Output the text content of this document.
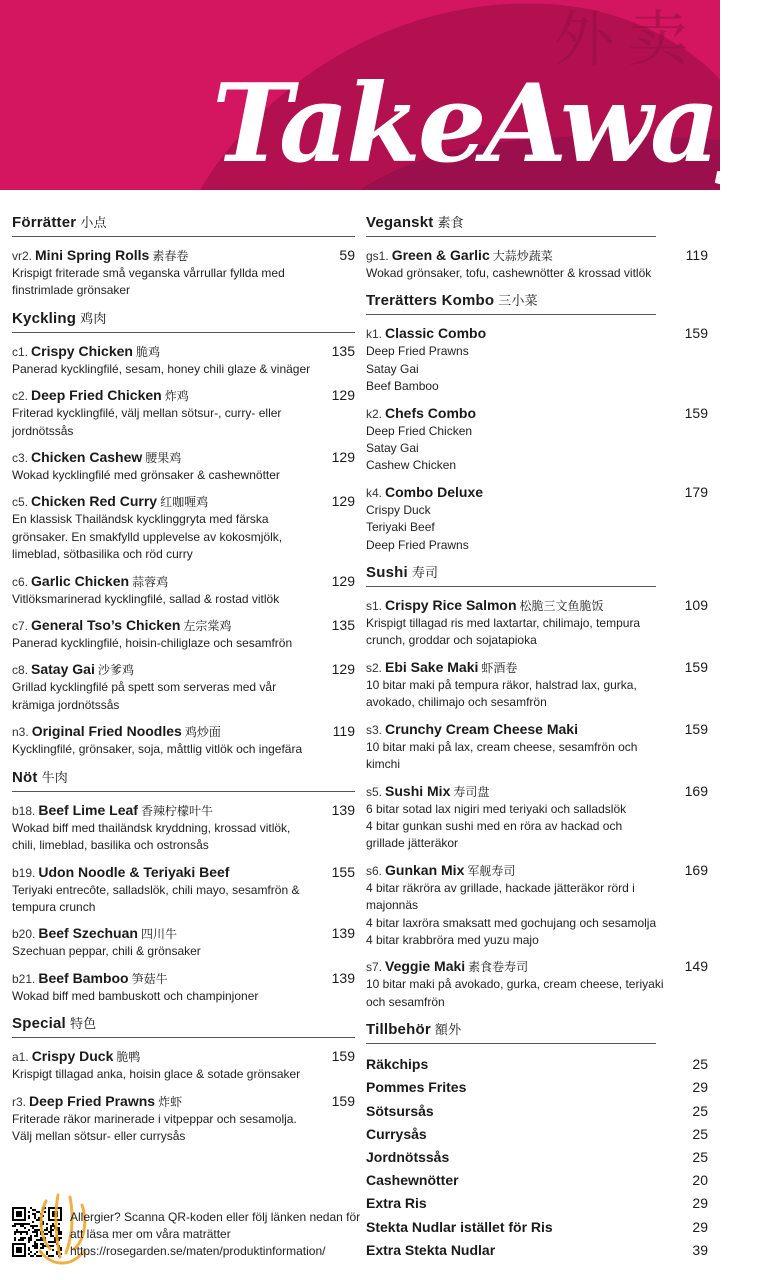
外卖
TakeAway
Förrätter 小点
vr2. Mini Spring Rolls 素春卷	59
Krispigt friterade små veganska vårrullar fyllda med finstrimlade grönsaker
Kyckling 鸡肉
c1. Crispy Chicken 脆鸡	135
Panerad kycklingfilé, sesam, honey chili glaze & vinäger
c2. Deep Fried Chicken 炸鸡	129
Friterad kycklingfilé, välj mellan sötsur-, curry- eller jordnötssås
c3. Chicken Cashew 腰果鸡	129
Wokad kycklingfilé med grönsaker & cashewnötter
c5. Chicken Red Curry 红咖喱鸡	129
En klassisk Thailändsk kycklinggryta med färska grönsaker. En smakfylld upplevelse av kokosmjölk, limeblad, sötbasilika och röd curry
c6. Garlic Chicken 蒜蓉鸡	129
Vitlöksmarinerad kycklingfilé, sallad & rostad vitlök
c7. General Tso’s Chicken 左宗棠鸡	135
Panerad kycklingfilé, hoisin-chiliglaze och sesamfrön
c8. Satay Gai 沙爹鸡	129
Grillad kycklingfilé på spett som serveras med vår krämiga jordnötssås
n3. Original Fried Noodles 鸡炒面	119
Kycklingfilé, grönsaker, soja, måttlig vitlök och ingefära
Nöt 牛肉
b18. Beef Lime Leaf 香辣柠檬叶牛	139
Wokad biff med thailändsk kryddning, krossad vitlök, chili, limeblad, basilika och ostronsås
b19. Udon Noodle & Teriyaki Beef	155
Teriyaki entrecôte, salladslök, chili mayo, sesamfrön & tempura crunch
b20. Beef Szechuan 四川牛	139
Szechuan peppar, chili & grönsaker
b21. Beef Bamboo 笋菇牛	139
Wokad biff med bambuskott och champinjoner
Special 特色
a1. Crispy Duck 脆鸭	159
Krispigt tillagad anka, hoisin glace & sotade grönsaker
r3. Deep Fried Prawns 炸虾	159
Friterade räkor marinerade i vitpeppar och sesamolja. Välj mellan sötsur- eller currysås
Veganskt 素食
gs1. Green & Garlic 大蒜炒蔬菜	119
Wokad grönsaker, tofu, cashewnötter & krossad vitlök
Trerätters Kombo 三小菜
k1. Classic Combo	159
Deep Fried Prawns
Satay Gai
Beef Bamboo
k2. Chefs Combo	159
Deep Fried Chicken
Satay Gai
Cashew Chicken
k4. Combo Deluxe	179
Crispy Duck
Teriyaki Beef
Deep Fried Prawns
Sushi 寿司
s1. Crispy Rice Salmon 松脆三文鱼脆饭	109
Krispigt tillagad ris med laxtartar, chilimajo, tempura crunch, groddar och sojatapioka
s2. Ebi Sake Maki 虾酒卷	159
10 bitar maki på tempura räkor, halstrad lax, gurka, avokado, chilimajo och sesamfrön
s3. Crunchy Cream Cheese Maki	159
10 bitar maki på lax, cream cheese, sesamfrön och kimchi
s5. Sushi Mix 寿司盘	169
6 bitar sotad lax nigiri med teriyaki och salladslök
4 bitar gunkan sushi med en röra av hackad och grillade jätteräkor
s6. Gunkan Mix 军舰寿司	169
4 bitar räkröra av grillade, hackade jätteräkor rörd i majonnäs
4 bitar laxröra smaksatt med gochujang och sesamolja
4 bitar krabbröra med yuzu majo
s7. Veggie Maki 素食卷寿司	149
10 bitar maki på avokado, gurka, cream cheese, teriyaki och sesamfrön
Tillbehör 額外
Räkchips	25
Pommes Frites	29
Sötsursås	25
Currysås	25
Jordnötssås	25
Cashewnötter	20
Extra Ris	29
Stekta Nudlar istället för Ris	29
Extra Stekta Nudlar	39
Allergier? Scanna QR-koden eller följ länken nedan för att läsa mer om våra maträtter
https://rosegarden.se/maten/produktinformation/
